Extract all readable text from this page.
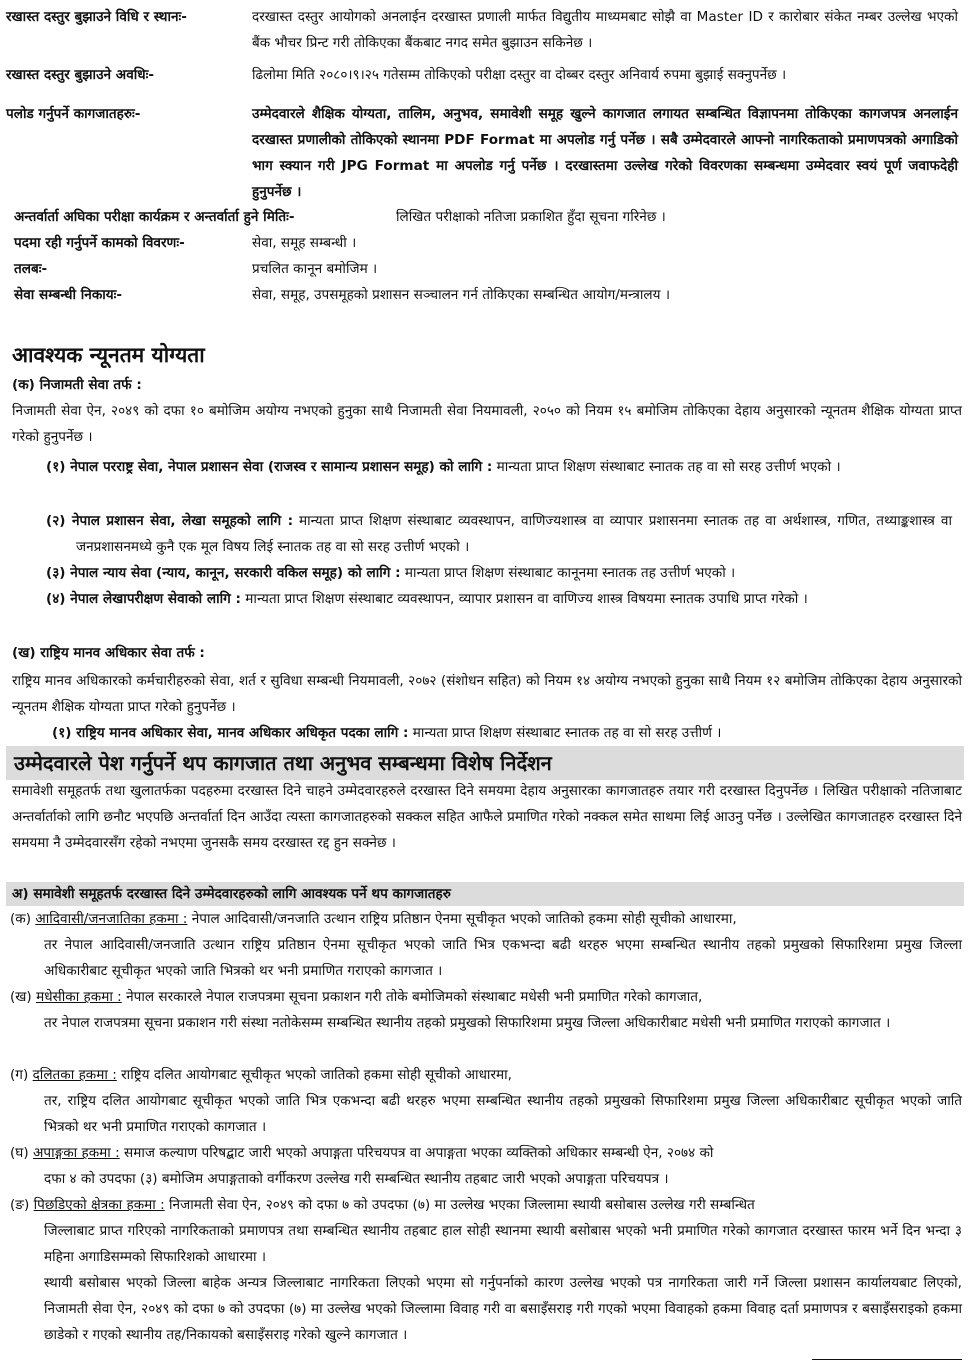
रखास्त दस्तुर बुझाउने विधि र स्थानः-	दरखास्त दस्तुर आयोगको अनलाईन दरखास्त प्रणाली मार्फत विद्युतीय माध्यमबाट सोझै वा Master ID र कारोबार संकेत नम्बर उल्लेख भएको बैंक भौचर प्रिन्ट गरी तोकिएका बैंकबाट नगद समेत बुझाउन सकिनेछ ।
रखास्त दस्तुर बुझाउने अवधिः-	ढिलोमा मिति २०८०।९।२५ गतेसम्म तोकिएको परीक्षा दस्तुर वा दोब्बर दस्तुर अनिवार्य रुपमा बुझाई सक्नुपर्नेछ ।
पलोड गर्नुपर्ने कागजातहरुः-	उम्मेदवारले शैक्षिक योग्यता, तालिम, अनुभव, समावेशी समूह खुल्ने कागजात लगायत सम्बन्धित विज्ञापनमा तोकिएका कागजपत्र अनलाईन दरखास्त प्रणालीको तोकिएको स्थानमा PDF Format मा अपलोड गर्नु पर्नेछ । सबै उम्मेदवारले आफ्नो नागरिकताको प्रमाणपत्रको अगाडिको भाग स्क्यान गरी JPG Format मा अपलोड गर्नु पर्नेछ । दरखास्तमा उल्लेख गरेको विवरणका सम्बन्धमा उम्मेदवार स्वयं पूर्ण जवाफदेही हुनुपर्नेछ ।
अन्तर्वार्ता अघिका परीक्षा कार्यक्रम र अन्तर्वार्ता हुने मितिः-	लिखित परीक्षाको नतिजा प्रकाशित हुँदा सूचना गरिनेछ ।
पदमा रही गर्नुपर्ने कामको विवरणः-	सेवा, समूह सम्बन्धी ।
तलबः-	प्रचलित कानून बमोजिम ।
सेवा सम्बन्धी निकायः-	सेवा, समूह, उपसमूहको प्रशासन सञ्चालन गर्न तोकिएका सम्बन्धित आयोग/मन्त्रालय ।
आवश्यक न्यूनतम योग्यता
(क) निजामती सेवा तर्फ :
निजामती सेवा ऐन, २०४९ को दफा १० बमोजिम अयोग्य नभएको हुनुका साथै निजामती सेवा नियमावली, २०५० को नियम १५ बमोजिम तोकिएका देहाय अनुसारको न्यूनतम शैक्षिक योग्यता प्राप्त गरेको हुनुपर्नेछ ।
(१) नेपाल परराष्ट्र सेवा, नेपाल प्रशासन सेवा (राजस्व र सामान्य प्रशासन समूह) को लागि : मान्यता प्राप्त शिक्षण संस्थाबाट स्नातक तह वा सो सरह उत्तीर्ण भएको ।
(२) नेपाल प्रशासन सेवा, लेखा समूहको लागि : मान्यता प्राप्त शिक्षण संस्थाबाट व्यवस्थापन, वाणिज्यशास्त्र वा व्यापार प्रशासनमा स्नातक तह वा अर्थशास्त्र, गणित, तथ्याङ्कशास्त्र वा जनप्रशासनमध्ये कुनै एक मूल विषय लिई स्नातक तह वा सो सरह उत्तीर्ण भएको ।
(३) नेपाल न्याय सेवा (न्याय, कानून, सरकारी वकिल समूह) को लागि : मान्यता प्राप्त शिक्षण संस्थाबाट कानूनमा स्नातक तह उत्तीर्ण भएको ।
(४) नेपाल लेखापरीक्षण सेवाको लागि : मान्यता प्राप्त शिक्षण संस्थाबाट व्यवस्थापन, व्यापार प्रशासन वा वाणिज्य शास्त्र विषयमा स्नातक उपाधि प्राप्त गरेको ।
(ख) राष्ट्रिय मानव अधिकार सेवा तर्फ :
राष्ट्रिय मानव अधिकारको कर्मचारीहरुको सेवा, शर्त र सुविधा सम्बन्धी नियमावली, २०७२ (संशोधन सहित) को नियम १४ अयोग्य नभएको हुनुका साथै नियम १२ बमोजिम तोकिएका देहाय अनुसारको न्यूनतम शैक्षिक योग्यता प्राप्त गरेको हुनुपर्नेछ ।
(१) राष्ट्रिय मानव अधिकार सेवा, मानव अधिकार अधिकृत पदका लागि : मान्यता प्राप्त शिक्षण संस्थाबाट स्नातक तह वा सो सरह उत्तीर्ण ।
उम्मेदवारले पेश गर्नुपर्ने थप कागजात तथा अनुभव सम्बन्धमा विशेष निर्देशन
समावेशी समूहतर्फ तथा खुलातर्फका पदहरुमा दरखास्त दिने चाहने उम्मेदवारहरुले दरखास्त दिने समयमा देहाय अनुसारका कागजातहरु तयार गरी दरखास्त दिनुपर्नेछ । लिखित परीक्षाको नतिजाबाट अन्तर्वार्ताको लागि छनौट भएपछि अन्तर्वार्ता दिन आउँदा त्यस्ता कागजातहरुको सक्कल सहित आफैले प्रमाणित गरेको नक्कल समेत साथमा लिई आउनु पर्नेछ । उल्लेखित कागजातहरु दरखास्त दिने समयमा नै उम्मेदवारसँग रहेको नभएमा जुनसकै समय दरखास्त रद्द हुन सक्नेछ ।
अ) समावेशी समूहतर्फ दरखास्त दिने उम्मेदवारहरुको लागि आवश्यक पर्ने थप कागजातहरु
(क) आदिवासी/जनजातिका हकमा : नेपाल आदिवासी/जनजाति उत्थान राष्ट्रिय प्रतिष्ठान ऐनमा सूचीकृत भएको जातिको हकमा सोही सूचीको आधारमा,
तर नेपाल आदिवासी/जनजाति उत्थान राष्ट्रिय प्रतिष्ठान ऐनमा सूचीकृत भएको जाति भित्र एकभन्दा बढी थरहरु भएमा सम्बन्धित स्थानीय तहको प्रमुखको सिफारिशमा प्रमुख जिल्ला अधिकारीबाट सूचीकृत भएको जाति भित्रको थर भनी प्रमाणित गराएको कागजात ।
(ख) मधेसीका हकमा : नेपाल सरकारले नेपाल राजपत्रमा सूचना प्रकाशन गरी तोके बमोजिमको संस्थाबाट मधेसी भनी प्रमाणित गरेको कागजात,
तर नेपाल राजपत्रमा सूचना प्रकाशन गरी संस्था नतोकेसम्म सम्बन्धित स्थानीय तहको प्रमुखको सिफारिशमा प्रमुख जिल्ला अधिकारीबाट मधेसी भनी प्रमाणित गराएको कागजात ।
(ग) दलितका हकमा : राष्ट्रिय दलित आयोगबाट सूचीकृत भएको जातिको हकमा सोही सूचीको आधारमा,
तर, राष्ट्रिय दलित आयोगबाट सूचीकृत भएको जाति भित्र एकभन्दा बढी थरहरु भएमा सम्बन्धित स्थानीय तहको प्रमुखको सिफारिशमा प्रमुख जिल्ला अधिकारीबाट सूचीकृत भएको जाति भित्रको थर भनी प्रमाणित गराएको कागजात ।
(घ) अपाङ्गका हकमा : समाज कल्याण परिषद्बाट जारी भएको अपाङ्गता परिचयपत्र वा अपाङ्गता भएका व्यक्तिको अधिकार सम्बन्धी ऐन, २०७४ को
दफा ४ को उपदफा (३) बमोजिम अपाङ्गताको वर्गीकरण उल्लेख गरी सम्बन्धित स्थानीय तहबाट जारी भएको अपाङ्गता परिचयपत्र ।
(ङ) पिछडिएको क्षेत्रका हकमा : निजामती सेवा ऐन, २०४९ को दफा ७ को उपदफा (७) मा उल्लेख भएका जिल्लामा स्थायी बसोबास उल्लेख गरी सम्बन्धित
जिल्लाबाट प्राप्त गरिएको नागरिकताको प्रमाणपत्र तथा सम्बन्धित स्थानीय तहबाट हाल सोही स्थानमा स्थायी बसोबास भएको भनी प्रमाणित गरेको कागजात दरखास्त फारम भर्ने दिन भन्दा ३ महिना अगाडिसम्मको सिफारिशको आधारमा ।
स्थायी बसोबास भएको जिल्ला बाहेक अन्यत्र जिल्लाबाट नागरिकता लिएको भएमा सो गर्नुपर्नाको कारण उल्लेख भएको पत्र नागरिकता जारी गर्ने जिल्ला प्रशासन कार्यालयबाट लिएको, निजामती सेवा ऐन, २०४९ को दफा ७ को उपदफा (७) मा उल्लेख भएको जिल्लामा विवाह गरी वा बसाइँसराइ गरी गएको भएमा विवाहको हकमा विवाह दर्ता प्रमाणपत्र र बसाइँसराइको हकमा छाडेको र गएको स्थानीय तह/निकायको बसाइँसराइ गरेको खुल्ने कागजात ।
